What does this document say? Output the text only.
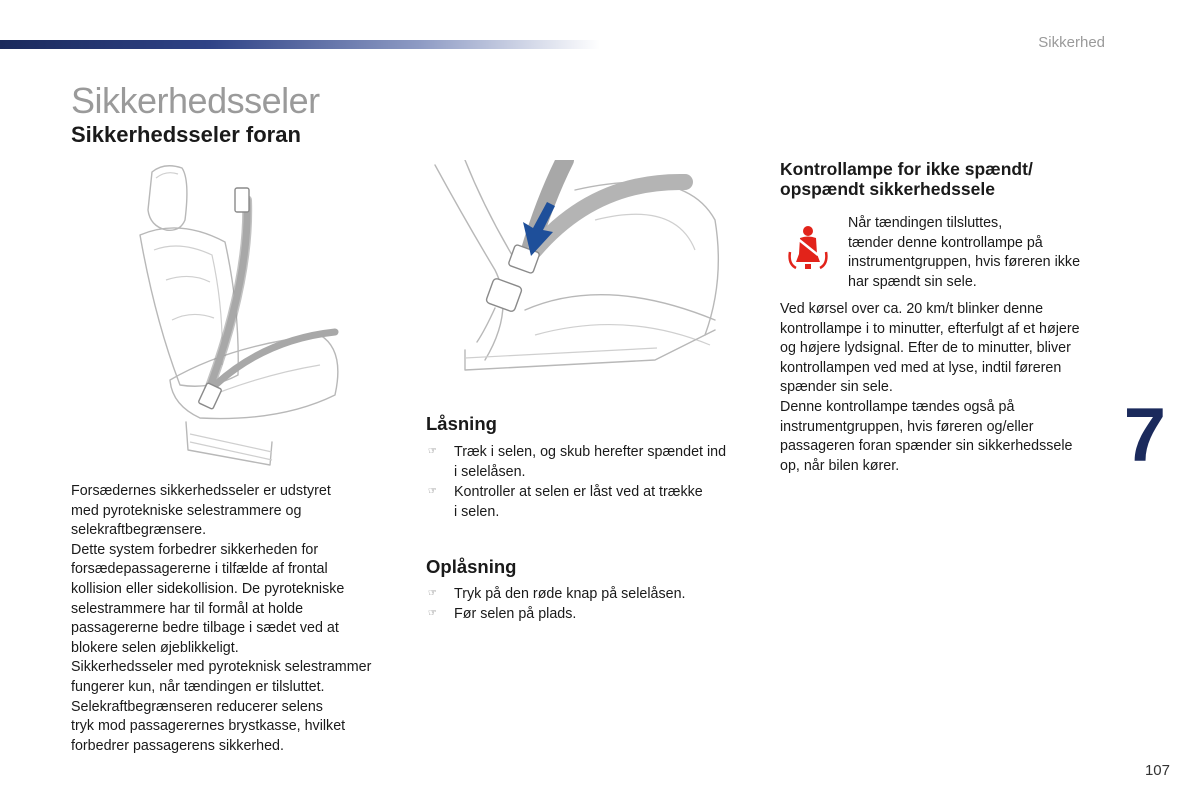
Sikkerhed
Sikkerhedsseler
Sikkerhedsseler foran
Forsædernes sikkerhedsseler er udstyret
med pyrotekniske selestrammere og
selekraftbegrænsere.
Dette system forbedrer sikkerheden for
forsædepassagererne i tilfælde af frontal
kollision eller sidekollision. De pyrotekniske
selestrammere har til formål at holde
passagererne bedre tilbage i sædet ved at
blokere selen øjeblikkeligt.
Sikkerhedsseler med pyroteknisk selestrammer
fungerer kun, når tændingen er tilsluttet.
Selekraftbegrænseren reducerer selens
tryk mod passagerernes brystkasse, hvilket
forbedrer passagerens sikkerhed.
Låsning
☞ Træk i selen, og skub herefter spændet ind
i selelåsen.
☞ Kontroller at selen er låst ved at trække
i selen.
Oplåsning
☞ Tryk på den røde knap på selelåsen.
☞ Før selen på plads.
Kontrollampe for ikke spændt/
opspændt sikkerhedssele
Når tændingen tilsluttes,
tænder denne kontrollampe på
instrumentgruppen, hvis føreren ikke
har spændt sin sele.
Ved kørsel over ca. 20 km/t blinker denne
kontrollampe i to minutter, efterfulgt af et højere
og højere lydsignal. Efter de to minutter, bliver
kontrollampen ved med at lyse, indtil føreren
spænder sin sele.
Denne kontrollampe tændes også på
instrumentgruppen, hvis føreren og/eller
passageren foran spænder sin sikkerhedssele
op, når bilen kører.	7
107
